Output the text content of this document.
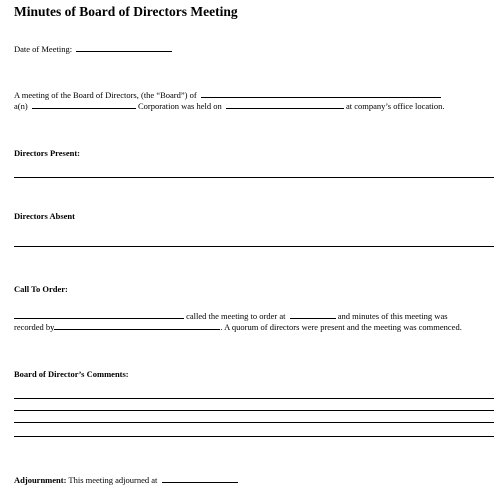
Minutes of Board of Directors Meeting
Date of Meeting:
A meeting of the Board of Directors, (the “Board”) of
a(n)	Corporation was held on	at company’s office location.
Directors Present:
Directors Absent
Call To Order:
called the meeting to order at	and minutes of this meeting was
recorded by	. A quorum of directors were present and the meeting was commenced.
Board of Director’s Comments:
Adjournment: This meeting adjourned at
